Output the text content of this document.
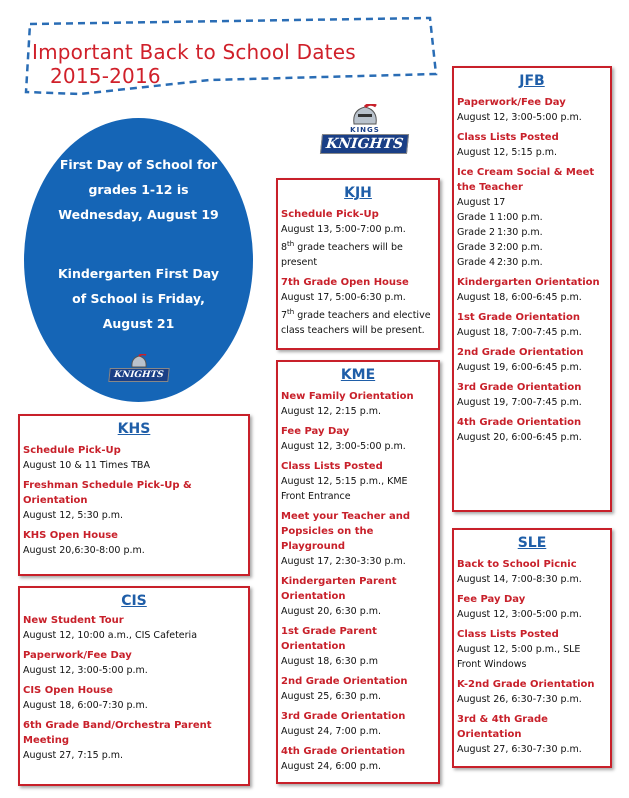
Important Back to School Dates
2015-2016
KINGS
KNIGHTS
First Day of School for
grades 1-12 is
Wednesday, August 19
Kindergarten First Day
of School is Friday,
August 21
KNIGHTS
KHS
Schedule Pick-Up
August 10 & 11 Times TBA
Freshman Schedule Pick-Up & Orientation
August 12, 5:30 p.m.
KHS Open House
August 20,6:30-8:00 p.m.
CIS
New Student Tour
August 12, 10:00 a.m., CIS Cafeteria
Paperwork/Fee Day
August 12, 3:00-5:00 p.m.
CIS Open House
August 18, 6:00-7:30 p.m.
6th Grade Band/Orchestra Parent Meeting
August 27, 7:15 p.m.
KJH
Schedule Pick-Up
August 13, 5:00-7:00 p.m.
8th grade teachers will be present
7th Grade Open House
August 17, 5:00-6:30 p.m.
7th grade teachers and elective class teachers will be present.
KME
New Family Orientation
August 12, 2:15 p.m.
Fee Pay Day
August 12, 3:00-5:00 p.m.
Class Lists Posted
August 12, 5:15 p.m., KME
Front Entrance
Meet your Teacher and Popsicles on the Playground
August 17, 2:30-3:30 p.m.
Kindergarten Parent Orientation
August 20, 6:30 p.m.
1st Grade Parent Orientation
August 18, 6:30 p.m
2nd Grade Orientation
August 25, 6:30 p.m.
3rd Grade Orientation
August 24, 7:00 p.m.
4th Grade Orientation
August 24, 6:00 p.m.
JFB
Paperwork/Fee Day
August 12, 3:00-5:00 p.m.
Class Lists Posted
August 12, 5:15 p.m.
Ice Cream Social & Meet the Teacher
August 17
Grade 1 1:00 p.m.
Grade 2 1:30 p.m.
Grade 3 2:00 p.m.
Grade 4 2:30 p.m.
Kindergarten Orientation
August 18, 6:00-6:45 p.m.
1st Grade Orientation
August 18, 7:00-7:45 p.m.
2nd Grade Orientation
August 19, 6:00-6:45 p.m.
3rd Grade Orientation
August 19, 7:00-7:45 p.m.
4th Grade Orientation
August 20, 6:00-6:45 p.m.
SLE
Back to School Picnic
August 14, 7:00-8:30 p.m.
Fee Pay Day
August 12, 3:00-5:00 p.m.
Class Lists Posted
August 12, 5:00 p.m., SLE
Front Windows
K-2nd Grade Orientation
August 26, 6:30-7:30 p.m.
3rd & 4th Grade Orientation
August 27, 6:30-7:30 p.m.
